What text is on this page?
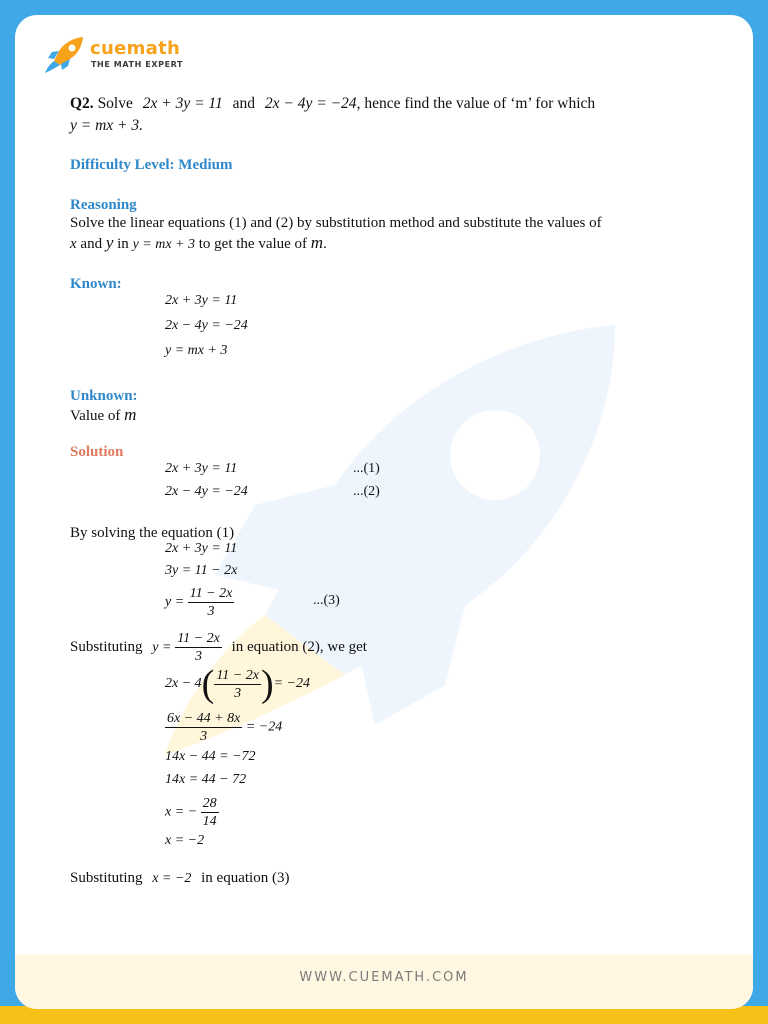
cuemath
THE MATH EXPERT
Q2. Solve 2x + 3y = 11 and 2x − 4y = −24, hence find the value of ‘m’ for which
y = mx + 3.
Difficulty Level: Medium
Reasoning
Solve the linear equations (1) and (2) by substitution method and substitute the values of
x and y in y = mx + 3 to get the value of m.
Known:
2x + 3y = 11
2x − 4y = −24
y = mx + 3
Unknown:
Value of m
Solution
2x + 3y = 11	...(1)
2x − 4y = −24	...(2)
By solving the equation (1)
2x + 3y = 11
3y = 11 − 2x
$y = \frac{11 - 2x}{3}$	...(3)
Substituting $y = \frac{11 - 2x}{3}$ in equation (2), we get
$2x - 4( \frac{11 - 2x}{3}$ )= −24
$\frac{6x - 44 + 8x}{3} = -24$
14x − 44 = −72
14x = 44 − 72
x = − $\frac{28}{14}$
x = −2
Substituting x = −2 in equation (3)
WWW.CUEMATH.COM
